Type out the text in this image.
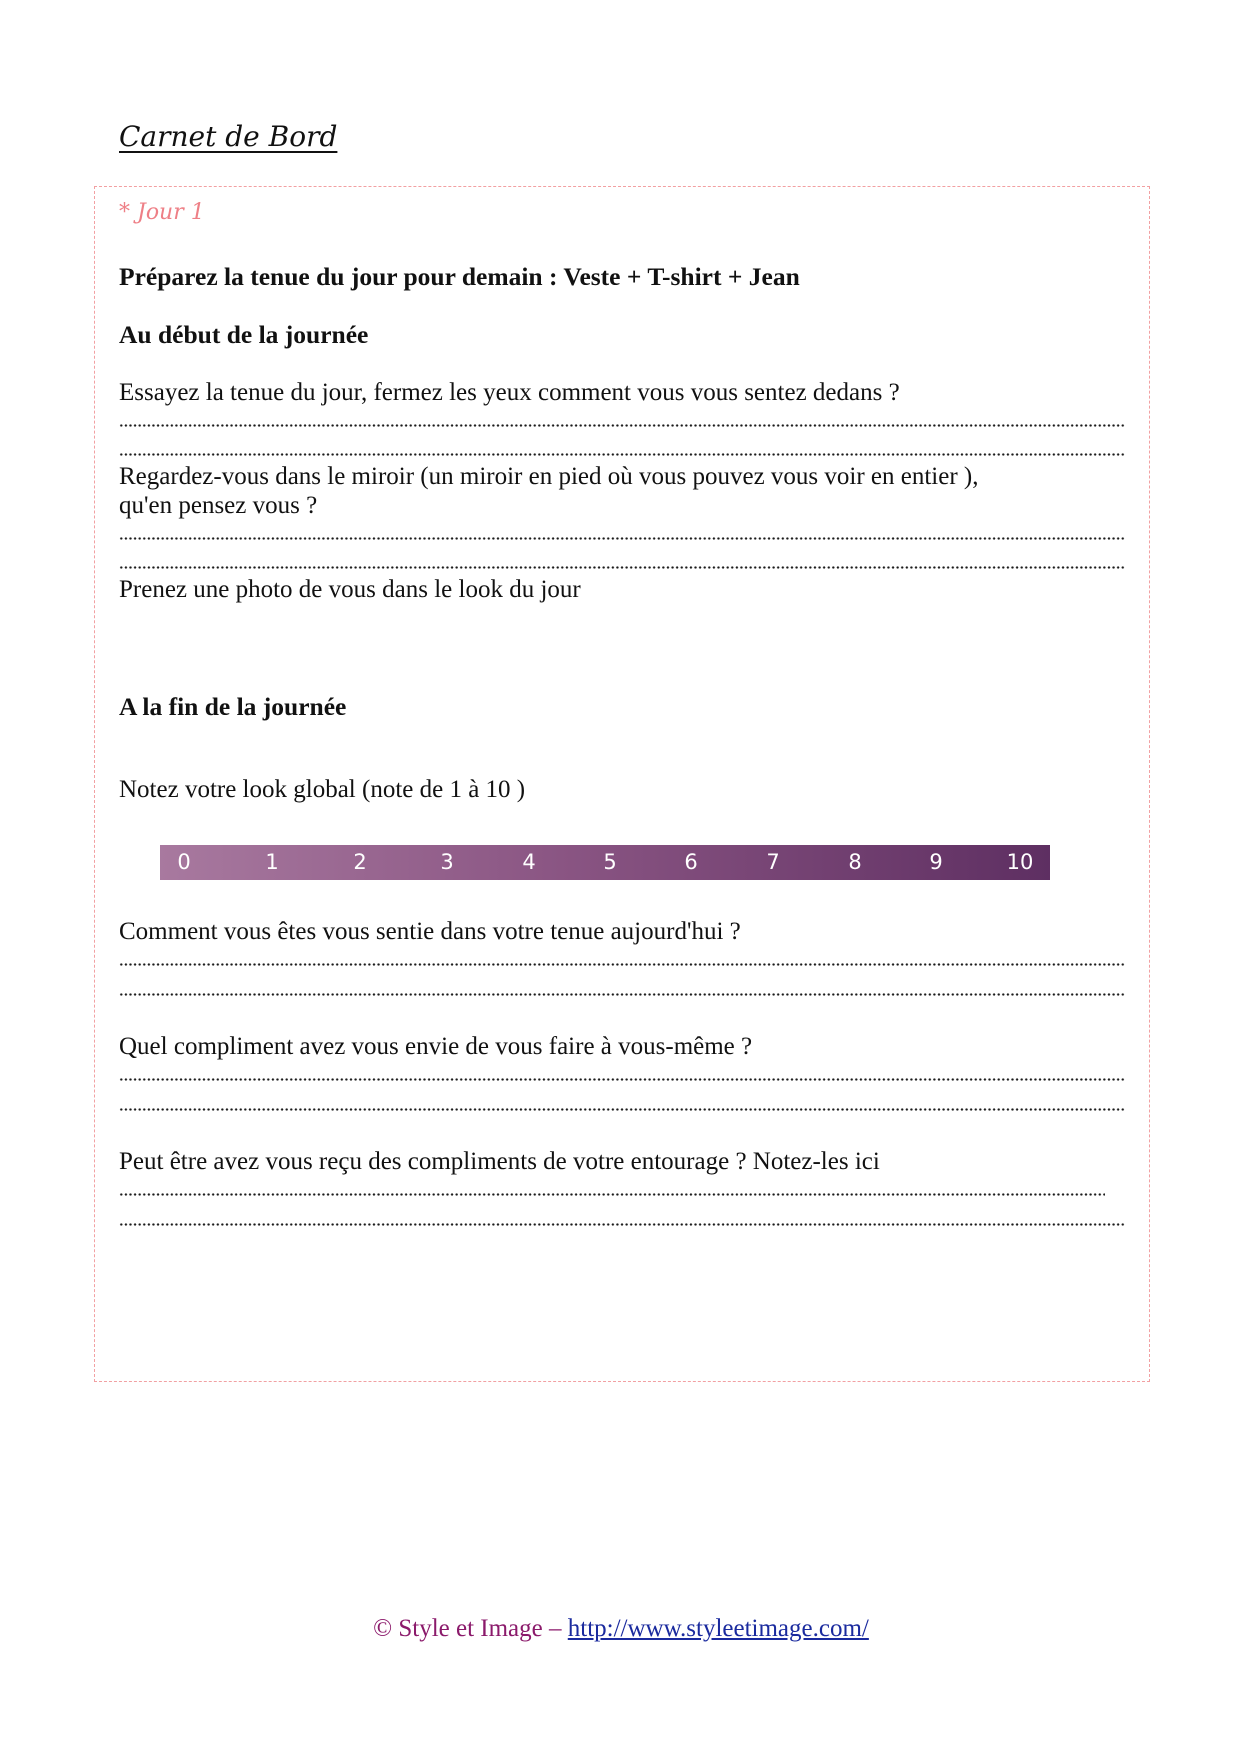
Carnet de Bord
* Jour 1
Préparez la tenue du jour pour demain : Veste + T-shirt + Jean
Au début de la journée
Essayez la tenue du jour, fermez les yeux comment vous vous sentez dedans ?
Regardez-vous dans le miroir (un miroir en pied où vous pouvez vous voir en entier ),
qu'en pensez vous ?
Prenez une photo de vous dans le look du jour
A la fin de la journée
Notez votre look global (note de 1 à 10 )
Comment vous êtes vous sentie dans votre tenue aujourd'hui ?
Quel compliment avez vous envie de vous faire à vous-même ?
Peut être avez vous reçu des compliments de votre entourage ? Notez-les ici
0	1	2	3	4	5	6	7	8	9	10
© Style et Image – http://www.styleetimage.com/
